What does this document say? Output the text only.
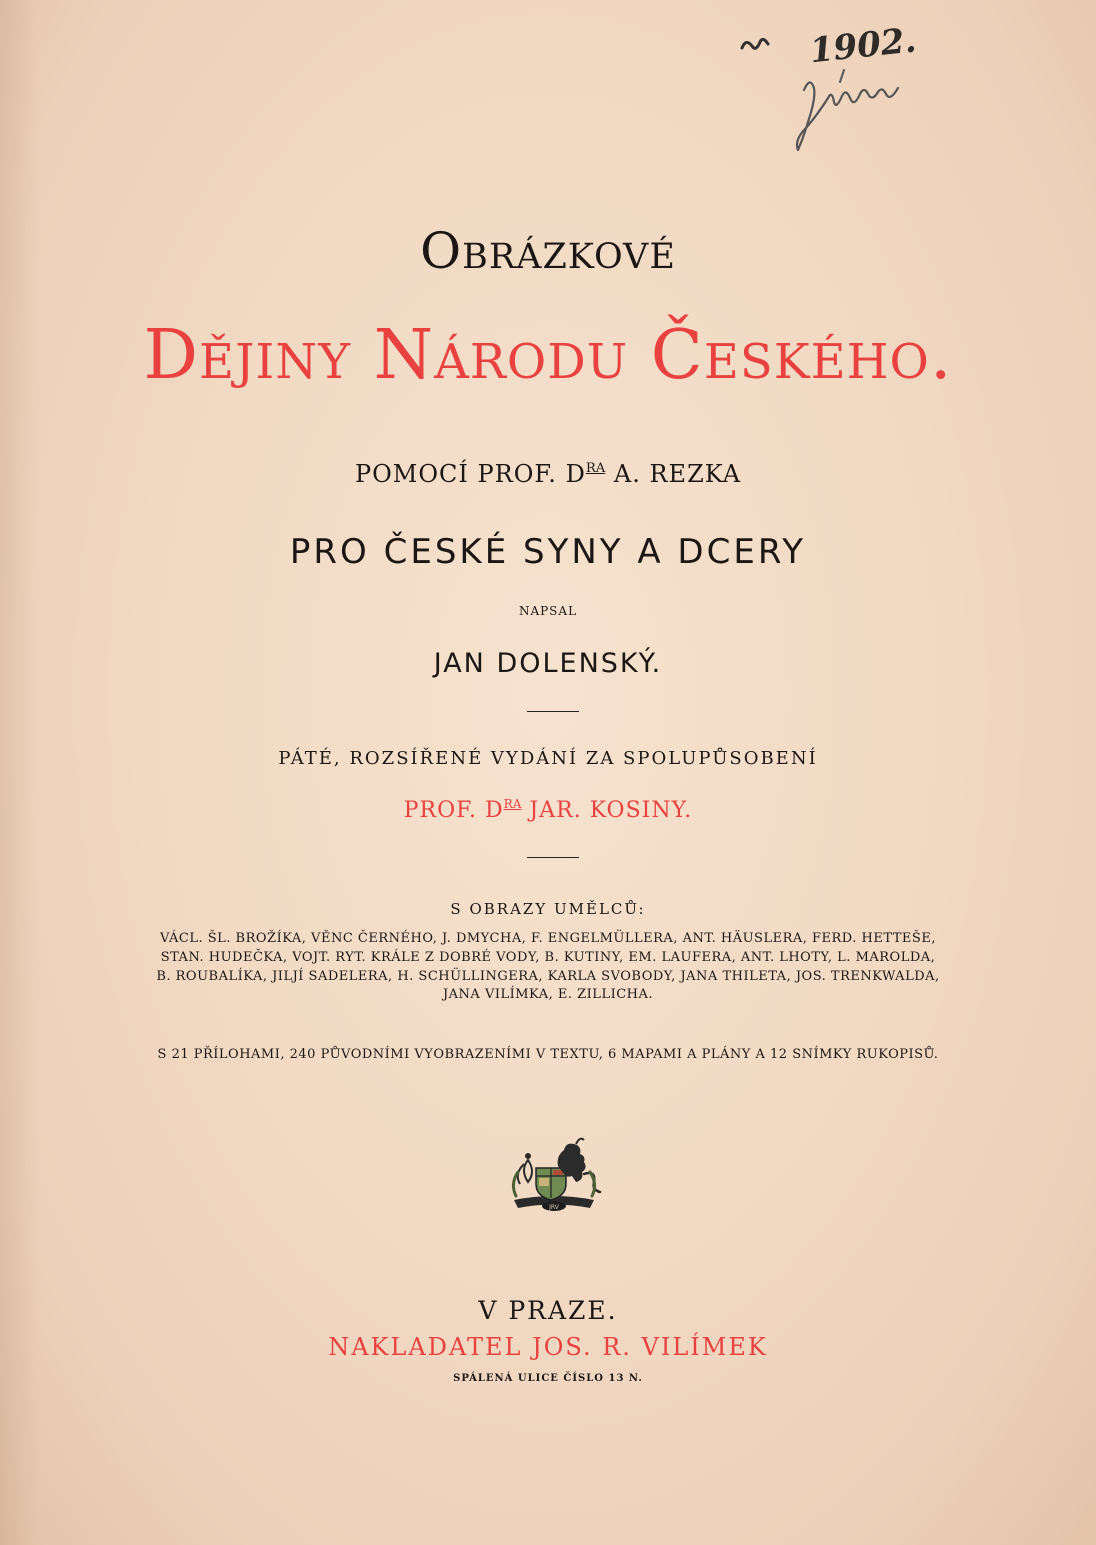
1902.
Obrázkové
Dějiny Národu Českého.
POMOCÍ PROF. $D^{RA}$ A. REZKA
PRO ČESKÉ SYNY A DCERY
NAPSAL
JAN DOLENSKÝ.
PÁTÉ, ROZSÍŘENÉ VYDÁNÍ ZA SPOLUPŮSOBENÍ
PROF. $D^{RA}$ JAR. KOSINY.
S OBRAZY UMĚLCŮ:
VÁCL. ŠL. BROŽÍKA, VĚNC ČERNÉHO, J. DMYCHA, F. ENGELMÜLLERA, ANT. HÄUSLERA, FERD. HETTEŠE,
STAN. HUDEČKA, VOJT. RYT. KRÁLE Z DOBRÉ VODY, B. KUTINY, EM. LAUFERA, ANT. LHOTY, L. MAROLDA,
B. ROUBALÍKA, JILJÍ SADELERA, H. SCHÜLLINGERA, KARLA SVOBODY, JANA THILETA, JOS. TRENKWALDA,
JANA VILÍMKA, E. ZILLICHA.
S 21 PŘÍLOHAMI, 240 PŮVODNÍMI VYOBRAZENÍMI V TEXTU, 6 MAPAMI A PLÁNY A 12 SNÍMKY RUKOPISŮ.
JRV
V PRAZE.
NAKLADATEL JOS. R. VILÍMEK
SPÁLENÁ ULICE ČÍSLO 13 N.
